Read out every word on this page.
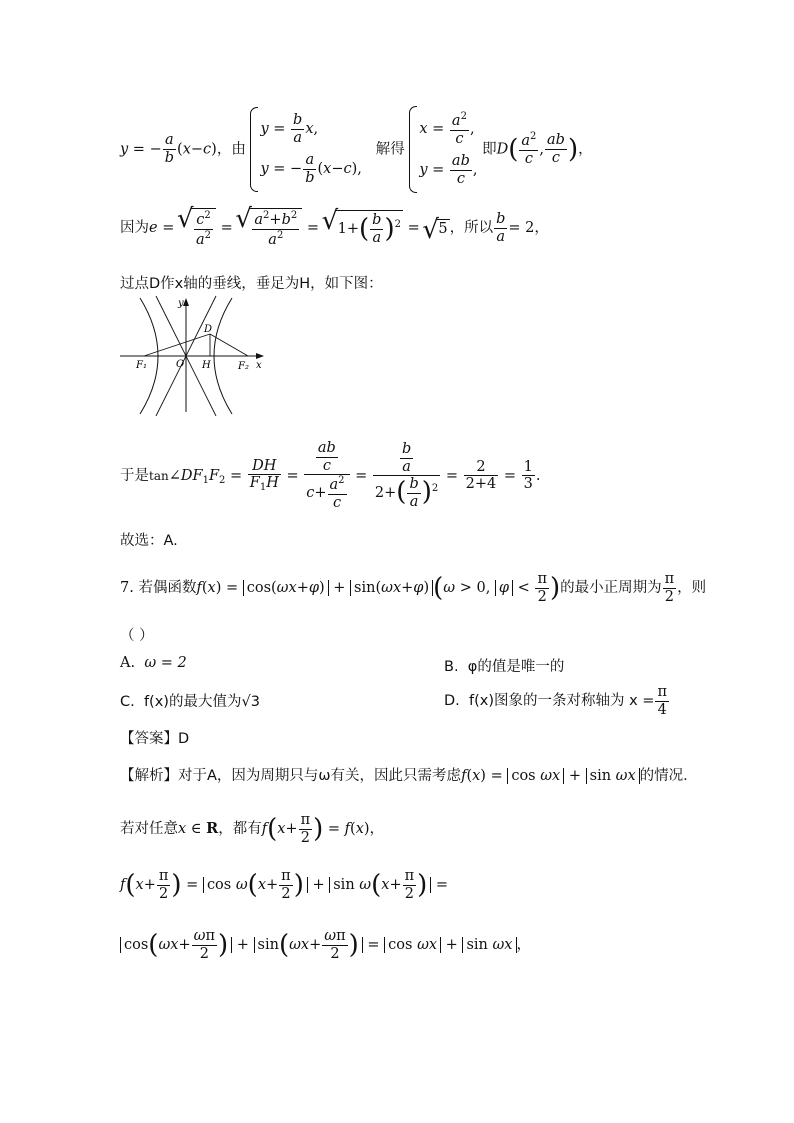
y = − $\frac{a}{b} (x-c)$，由
$y = \frac{b}{a} x$,
y = − $\frac{a}{b} (x-c)$,
解得
$x = \frac{a^2}{c}$ ,
$y = \frac{ab}{c}$ ,
即$D( \frac{a^2}{c}$ , $\frac{ab}{c}$ )，
因为e = √ $\frac{c^2}{a^2}$ = √ $\frac{a^2+b^2}{a^2}$ = √ $1+( \frac{b}{a} )^2$ = √ 5 ，所以 $\frac{b}{a} = 2$，
过点D作x轴的垂线，垂足为H，如下图：
y
x
D
F₁	O H	F₂
于是$\tan\angle DF_1F_2 = \frac{DH}{F_1H} = \frac{\frac{ab}{c}}{c+ \frac{a^2}{c}} = \frac{\frac{b}{a}}{2+( \frac{b}{a} )^2} = \frac{2}{2+4} = \frac{1}{3}$ .
故选：A.
7. 若偶函数f(x) = cos(ωx+φ) + sin(ωx+φ) (ω > 0, $\varphi < \frac{\pi}{2}$ )的最小正周期为 $\frac{\pi}{2}$ ，则
（ ）
A. ω = 2	B. φ的值是唯一的
C. f(x)的最大值为√3	D. f(x)图象的一条对称轴为 $x = \frac{\pi}{4}$
【答案】D
【解析】对于A，因为周期只与ω有关，因此只需考虑f(x) = cos ωx + sin ωx 的情况.
若对任意x ∈ R，都有$f(x+ \frac{\pi}{2}$ ) = f(x)，
$f(x+ \frac{\pi}{2}$ ) = $\cos \omega(x+ \frac{\pi}{2}$ ) + $\sin \omega(x+ \frac{\pi}{2}$ ) =
$\cos(\omega x+ \frac{\omega\pi}{2}$ ) + $\sin(\omega x+ \frac{\omega\pi}{2}$ ) = cos ωx + sin ωx ，
